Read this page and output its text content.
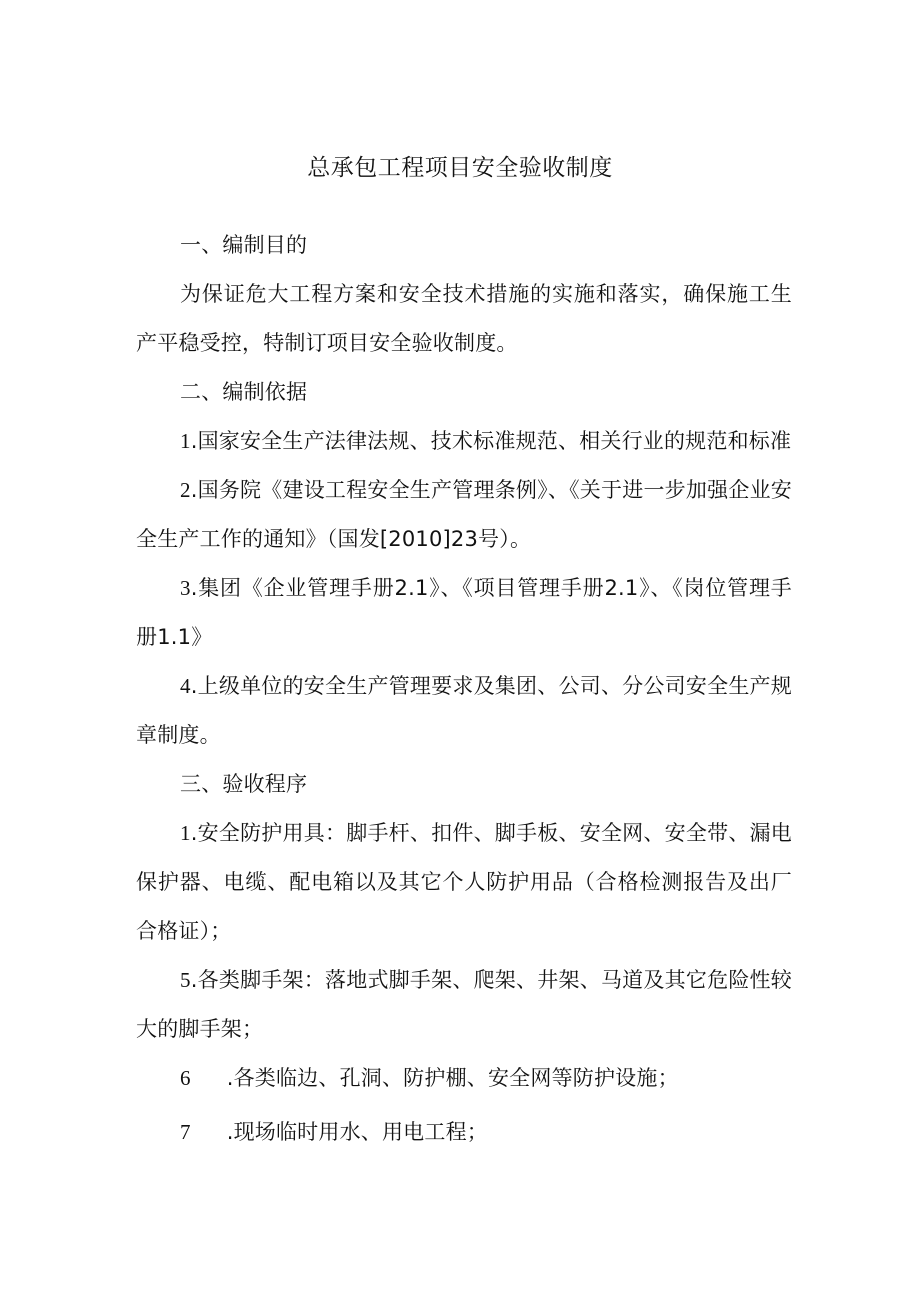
总承包工程项目安全验收制度

一、编制目的

为保证危大工程方案和安全技术措施的实施和落实，确保施工生产平稳受控，特制订项目安全验收制度。

二、编制依据

1.国家安全生产法律法规、技术标准规范、相关行业的规范和标准

2.国务院《建设工程安全生产管理条例》、《关于进一步加强企业安全生产工作的通知》（国发[2010]23号）。

3.集团《企业管理手册2.1》、《项目管理手册2.1》、《岗位管理手册1.1》

4.上级单位的安全生产管理要求及集团、公司、分公司安全生产规章制度。

三、验收程序

1.安全防护用具：脚手杆、扣件、脚手板、安全网、安全带、漏电保护器、电缆、配电箱以及其它个人防护用品（合格检测报告及出厂合格证）；

5.各类脚手架：落地式脚手架、爬架、井架、马道及其它危险性较大的脚手架；

6 .各类临边、孔洞、防护棚、安全网等防护设施；

7 .现场临时用水、用电工程；
